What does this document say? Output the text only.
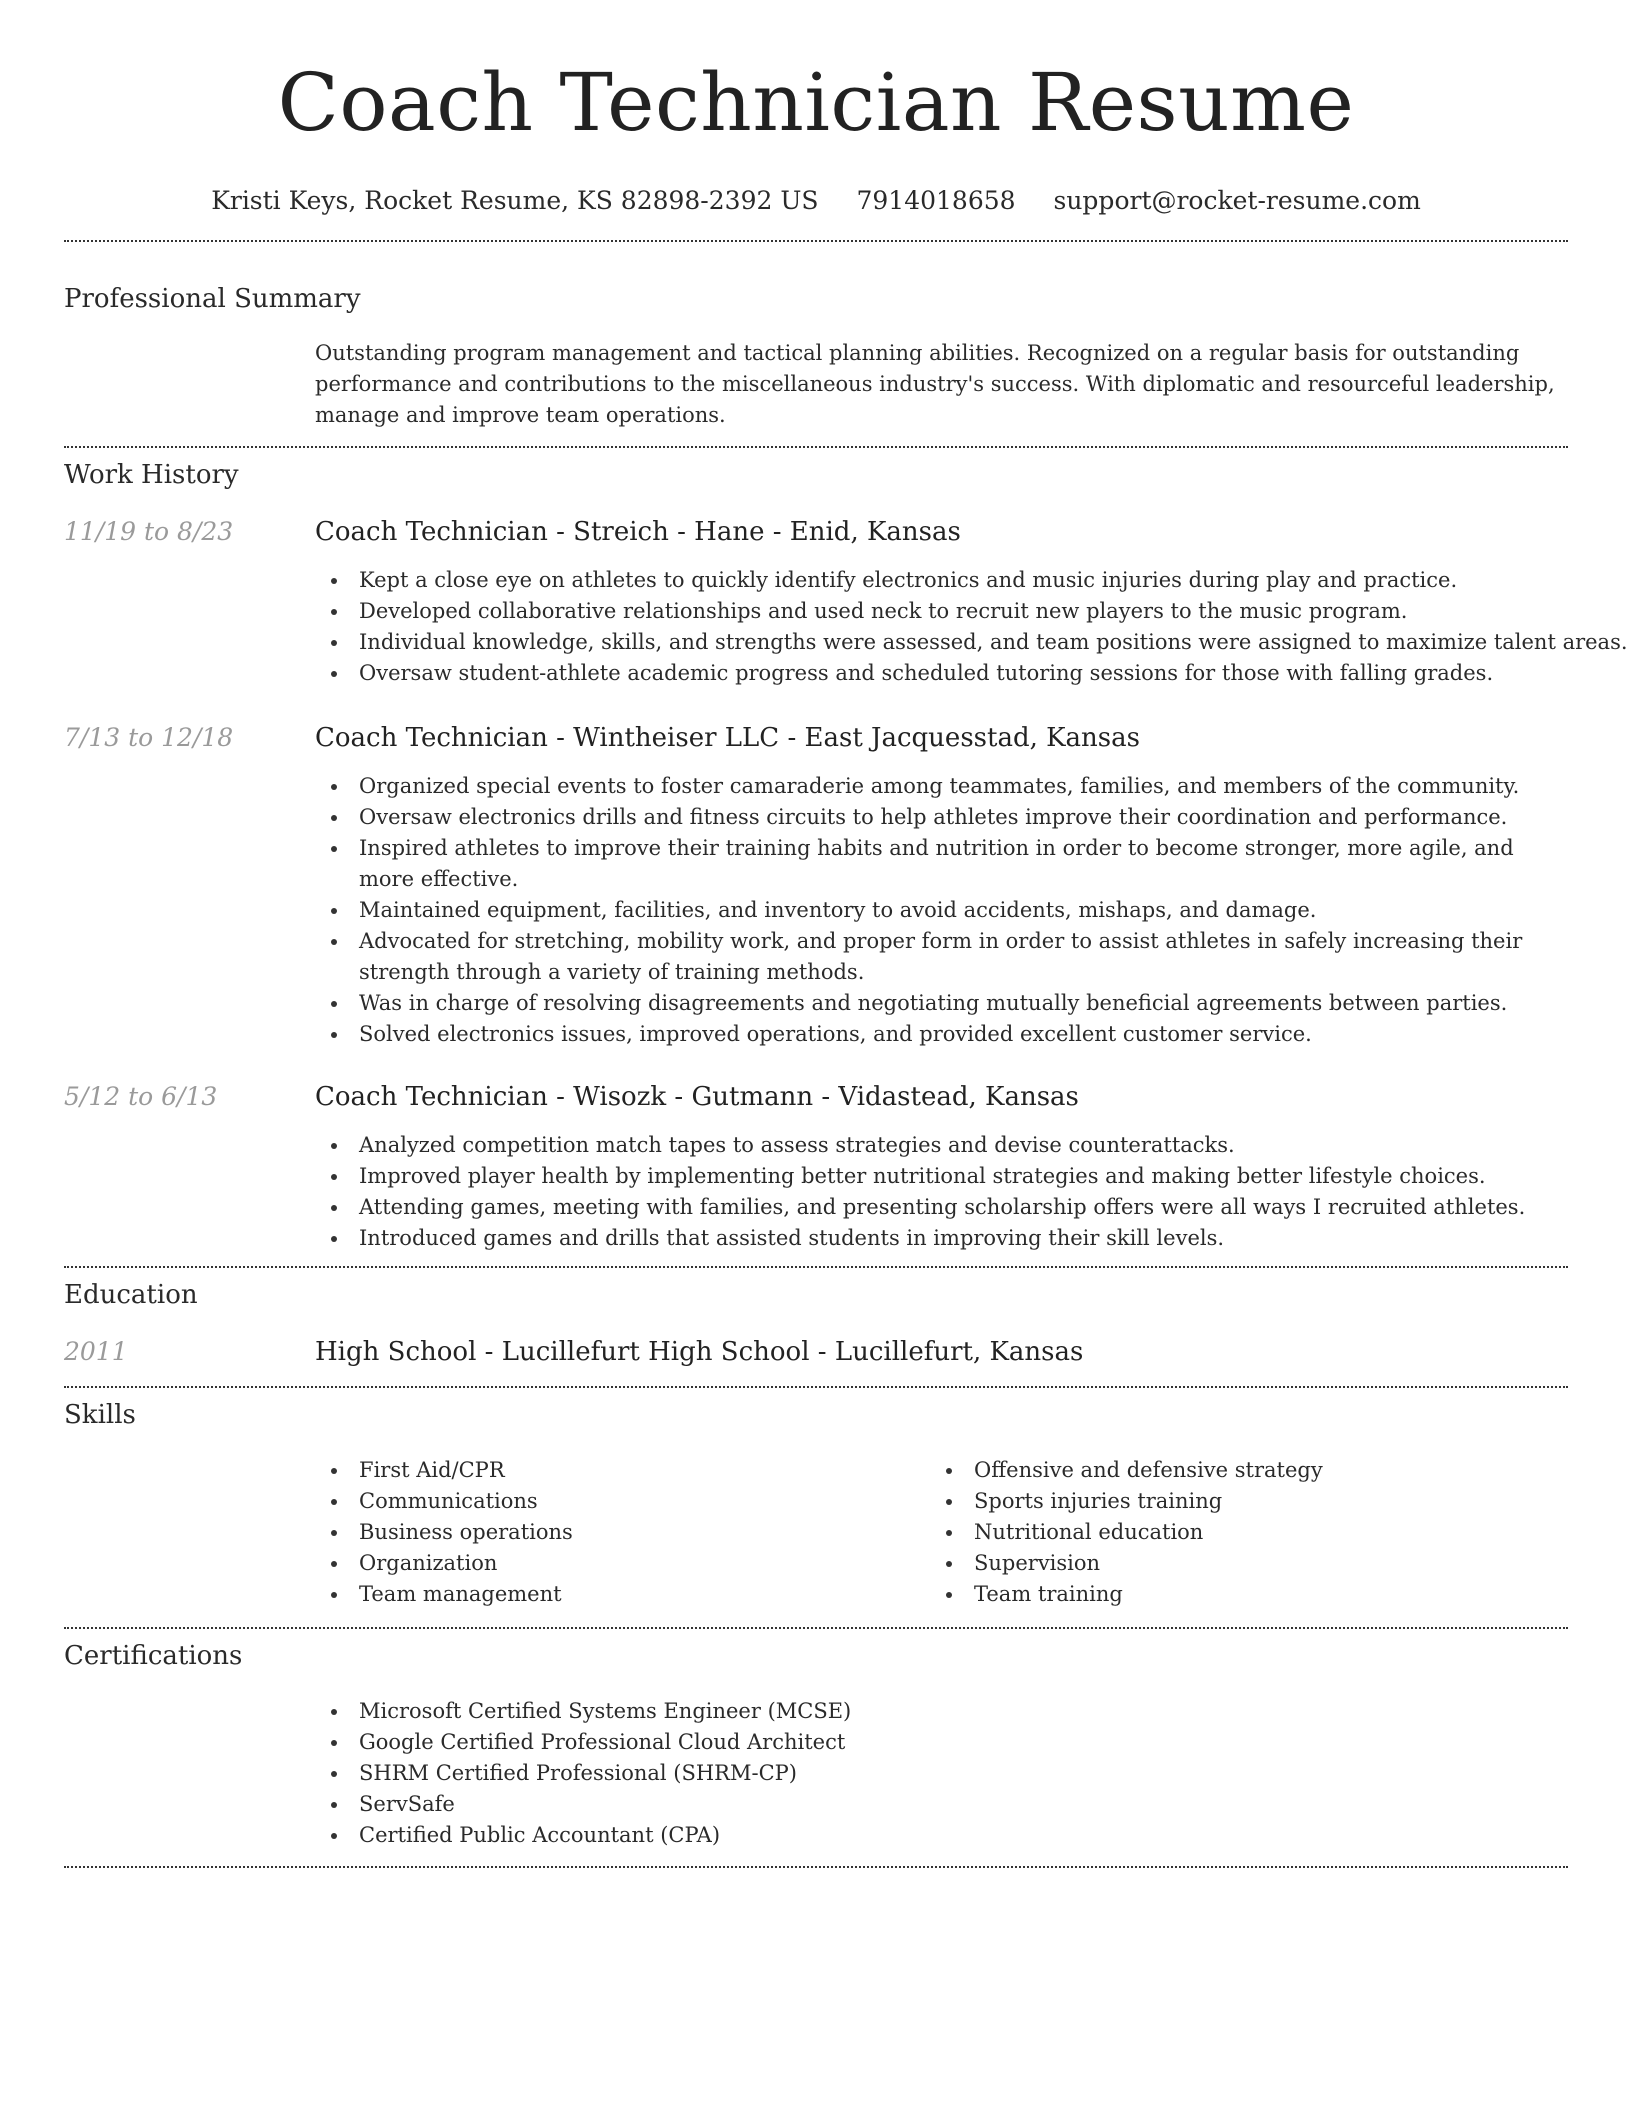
Coach Technician Resume
Kristi Keys, Rocket Resume, KS 82898-2392 US 7914018658 support@rocket-resume.com
Professional Summary
Outstanding program management and tactical planning abilities. Recognized on a regular basis for outstanding performance and contributions to the miscellaneous industry's success. With diplomatic and resourceful leadership, manage and improve team operations.
Work History
11/19 to 8/23	Coach Technician - Streich - Hane - Enid, Kansas
Kept a close eye on athletes to quickly identify electronics and music injuries during play and practice.
Developed collaborative relationships and used neck to recruit new players to the music program.
Individual knowledge, skills, and strengths were assessed, and team positions were assigned to maximize talent areas.
Oversaw student-athlete academic progress and scheduled tutoring sessions for those with falling grades.
7/13 to 12/18	Coach Technician - Wintheiser LLC - East Jacquesstad, Kansas
Organized special events to foster camaraderie among teammates, families, and members of the community.
Oversaw electronics drills and fitness circuits to help athletes improve their coordination and performance.
Inspired athletes to improve their training habits and nutrition in order to become stronger, more agile, and more effective.
Maintained equipment, facilities, and inventory to avoid accidents, mishaps, and damage.
Advocated for stretching, mobility work, and proper form in order to assist athletes in safely increasing their strength through a variety of training methods.
Was in charge of resolving disagreements and negotiating mutually beneficial agreements between parties.
Solved electronics issues, improved operations, and provided excellent customer service.
5/12 to 6/13	Coach Technician - Wisozk - Gutmann - Vidastead, Kansas
Analyzed competition match tapes to assess strategies and devise counterattacks.
Improved player health by implementing better nutritional strategies and making better lifestyle choices.
Attending games, meeting with families, and presenting scholarship offers were all ways I recruited athletes.
Introduced games and drills that assisted students in improving their skill levels.
Education
2011	High School - Lucillefurt High School - Lucillefurt, Kansas
Skills
First Aid/CPR
Communications
Business operations
Organization
Team management
Offensive and defensive strategy
Sports injuries training
Nutritional education
Supervision
Team training
Certifications
Microsoft Certified Systems Engineer (MCSE)
Google Certified Professional Cloud Architect
SHRM Certified Professional (SHRM-CP)
ServSafe
Certified Public Accountant (CPA)
